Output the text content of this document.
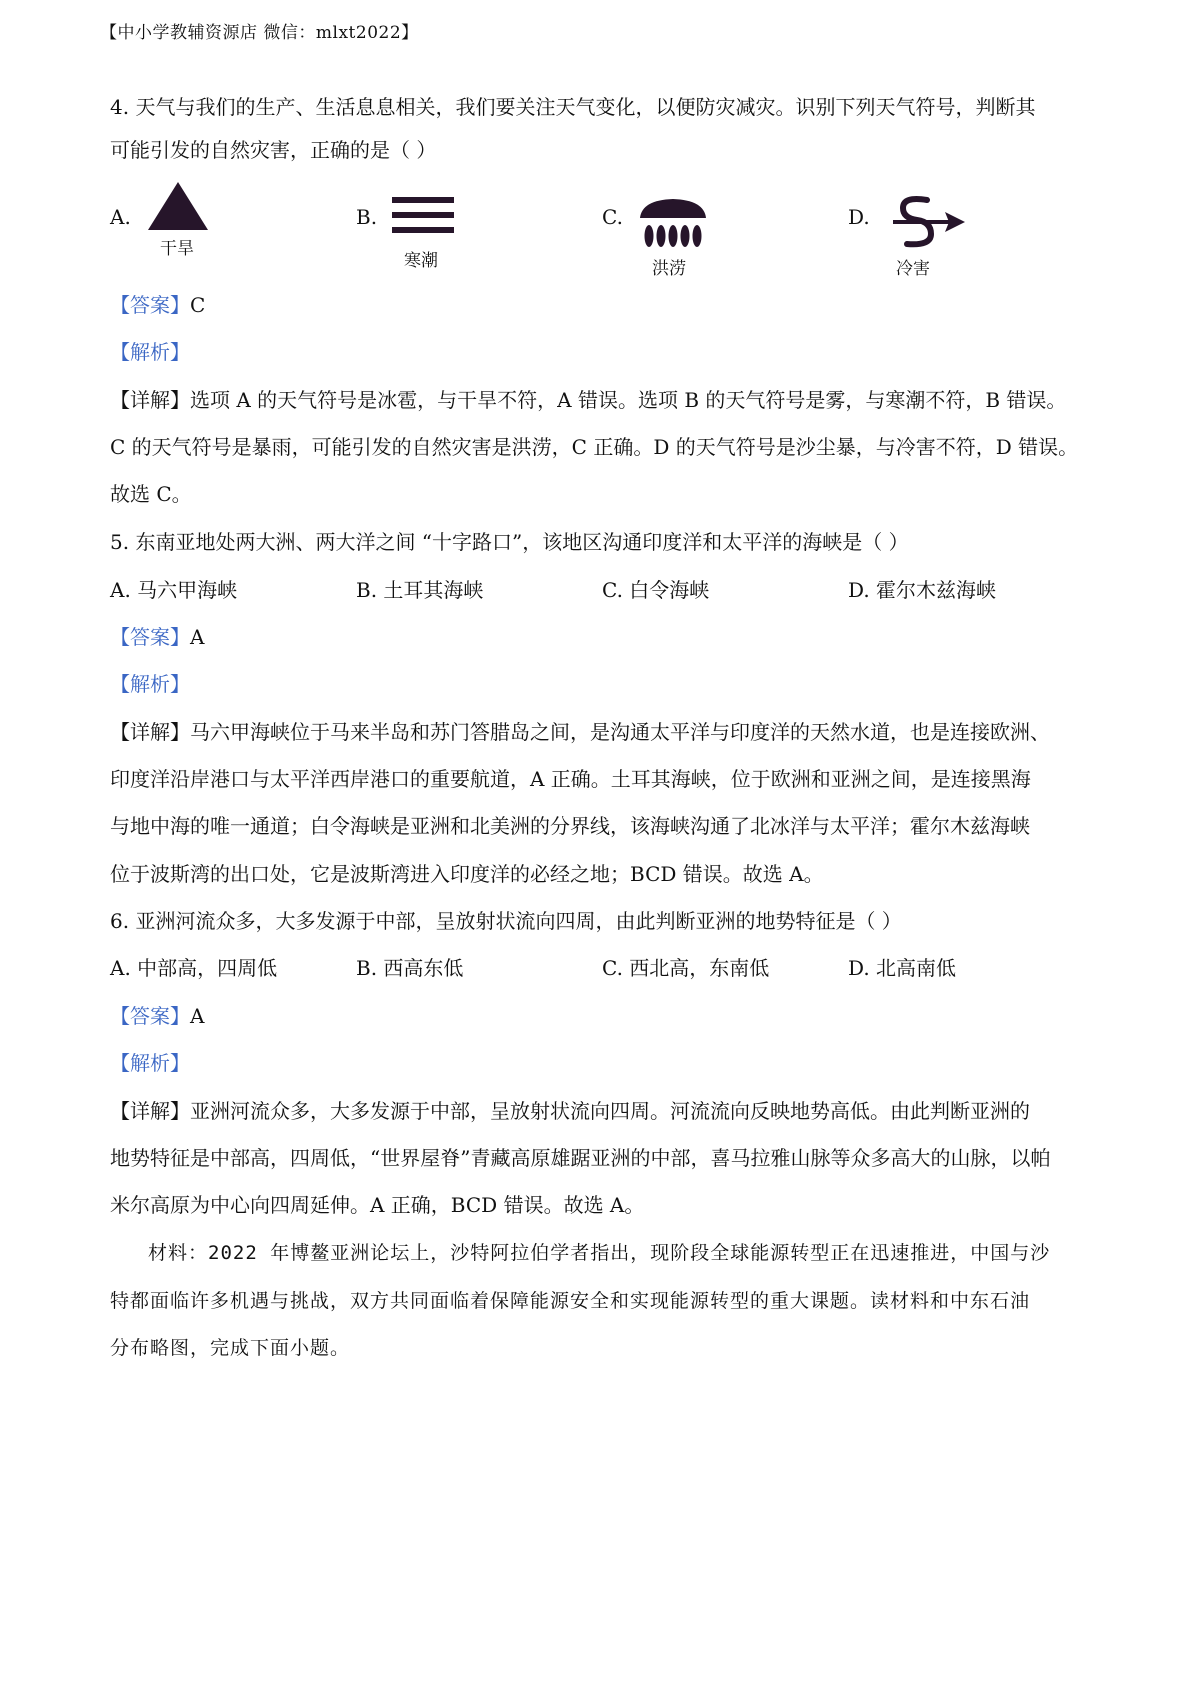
【中小学教辅资源店 微信：mlxt2022】
4. 天气与我们的生产、生活息息相关，我们要关注天气变化，以便防灾减灾。识别下列天气符号，判断其
可能引发的自然灾害，正确的是（ ）
A.
干旱
B.
寒潮
C.
洪涝
D.
冷害
【答案】C
【解析】
【详解】选项 A 的天气符号是冰雹，与干旱不符，A 错误。选项 B 的天气符号是雾，与寒潮不符，B 错误。
C 的天气符号是暴雨，可能引发的自然灾害是洪涝，C 正确。D 的天气符号是沙尘暴，与冷害不符，D 错误。
故选 C。
5. 东南亚地处两大洲、两大洋之间 “十字路口”，该地区沟通印度洋和太平洋的海峡是（ ）
A. 马六甲海峡	B. 土耳其海峡	C. 白令海峡	D. 霍尔木兹海峡
【答案】A
【解析】
【详解】马六甲海峡位于马来半岛和苏门答腊岛之间，是沟通太平洋与印度洋的天然水道，也是连接欧洲、
印度洋沿岸港口与太平洋西岸港口的重要航道，A 正确。土耳其海峡，位于欧洲和亚洲之间，是连接黑海
与地中海的唯一通道；白令海峡是亚洲和北美洲的分界线，该海峡沟通了北冰洋与太平洋；霍尔木兹海峡
位于波斯湾的出口处，它是波斯湾进入印度洋的必经之地；BCD 错误。故选 A。
6. 亚洲河流众多，大多发源于中部，呈放射状流向四周，由此判断亚洲的地势特征是（ ）
A. 中部高，四周低	B. 西高东低	C. 西北高，东南低	D. 北高南低
【答案】A
【解析】
【详解】亚洲河流众多，大多发源于中部，呈放射状流向四周。河流流向反映地势高低。由此判断亚洲的
地势特征是中部高，四周低，“世界屋脊”青藏高原雄踞亚洲的中部，喜马拉雅山脉等众多高大的山脉，以帕
米尔高原为中心向四周延伸。A 正确，BCD 错误。故选 A。
材料：2022 年博鳌亚洲论坛上，沙特阿拉伯学者指出，现阶段全球能源转型正在迅速推进，中国与沙
特都面临许多机遇与挑战，双方共同面临着保障能源安全和实现能源转型的重大课题。读材料和中东石油
分布略图，完成下面小题。
